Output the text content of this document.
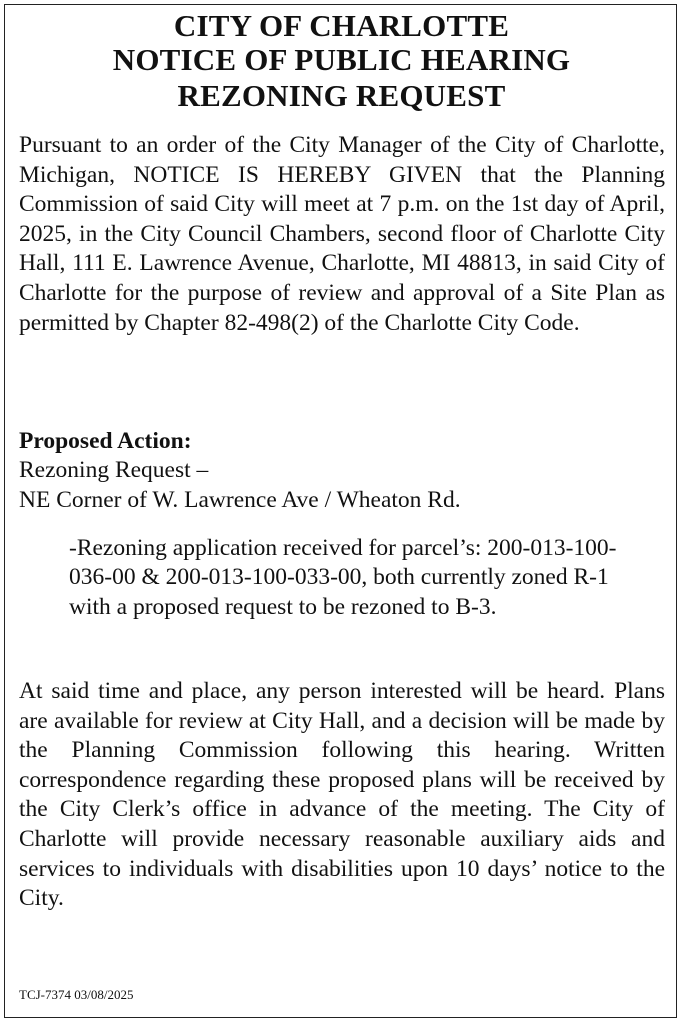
CITY OF CHARLOTTE
NOTICE OF PUBLIC HEARING
REZONING REQUEST
Pursuant to an order of the City Manager of the City of Charlotte, Michigan, NOTICE IS HEREBY GIVEN that the Planning Commission of said City will meet at 7 p.m. on the 1st day of April, 2025, in the City Council Chambers, second floor of Charlotte City Hall, 111 E. Lawrence Avenue, Charlotte, MI 48813, in said City of Charlotte for the purpose of review and approval of a Site Plan as permitted by Chapter 82-498(2) of the Charlotte City Code.
Proposed Action:
Rezoning Request –
NE Corner of W. Lawrence Ave / Wheaton Rd.
-Rezoning application received for parcel’s: 200-013-100-036-00 & 200-013-100-033-00, both currently zoned R-1 with a proposed request to be rezoned to B-3.
At said time and place, any person interested will be heard. Plans are available for review at City Hall, and a decision will be made by the Planning Commission following this hearing. Written correspondence regarding these proposed plans will be received by the City Clerk’s office in advance of the meeting. The City of Charlotte will provide necessary reasonable auxiliary aids and services to individuals with disabilities upon 10 days’ notice to the City.
TCJ-7374 03/08/2025
